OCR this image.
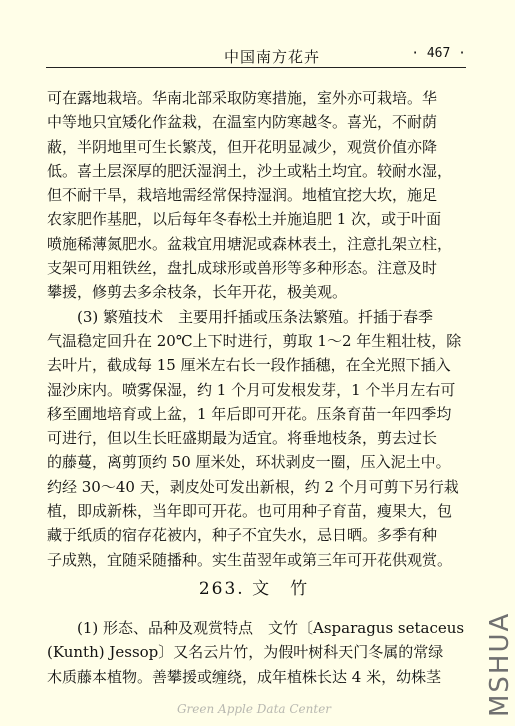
中国南方花卉	· 467 ·
可在露地栽培。华南北部采取防寒措施，室外亦可栽培。华
中等地只宜矮化作盆栽，在温室内防寒越冬。喜光，不耐荫
蔽，半阴地里可生长繁茂，但开花明显减少，观赏价值亦降
低。喜土层深厚的肥沃湿润土，沙土或粘土均宜。较耐水湿，
但不耐干旱，栽培地需经常保持湿润。地植宜挖大坎，施足
农家肥作基肥，以后每年冬春松土并施追肥 1 次，或于叶面
喷施稀薄氮肥水。盆栽宜用塘泥或森林表土，注意扎架立柱，
支架可用粗铁丝，盘扎成球形或兽形等多种形态。注意及时
攀援，修剪去多余枝条，长年开花，极美观。
(3) 繁殖技术　主要用扦插或压条法繁殖。扦插于春季
气温稳定回升在 20℃上下时进行，剪取 1～2 年生粗壮枝，除
去叶片，截成每 15 厘米左右长一段作插穗，在全光照下插入
湿沙床内。喷雾保湿，约 1 个月可发根发芽，1 个半月左右可
移至圃地培育或上盆，1 年后即可开花。压条育苗一年四季均
可进行，但以生长旺盛期最为适宜。将垂地枝条，剪去过长
的藤蔓，离剪顶约 50 厘米处，环状剥皮一圈，压入泥土中。
约经 30～40 天，剥皮处可发出新根，约 2 个月可剪下另行栽
植，即成新株，当年即可开花。也可用种子育苗，瘦果大，包
藏于纸质的宿存花被内，种子不宜失水，忌日晒。多季有种
子成熟，宜随采随播种。实生苗翌年或第三年可开花供观赏。
263. 文　竹
(1) 形态、品种及观赏特点　文竹〔Asparagus setaceus
(Kunth) Jessop〕又名云片竹，为假叶树科天门冬属的常绿
木质藤本植物。善攀援或缠绕，成年植株长达 4 米，幼株茎	MSHUA
Green Apple Data Center
